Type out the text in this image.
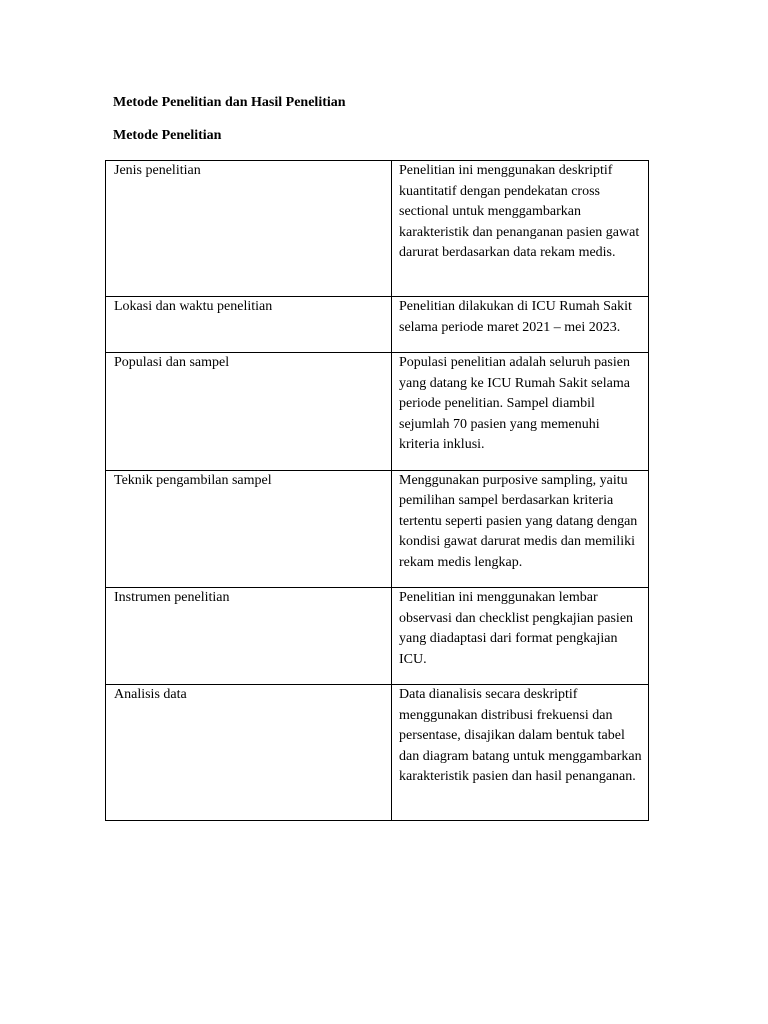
Metode Penelitian dan Hasil Penelitian
Metode Penelitian
Jenis penelitian	Penelitian ini menggunakan deskriptif kuantitatif dengan pendekatan cross sectional untuk menggambarkan karakteristik dan penanganan pasien gawat darurat berdasarkan data rekam medis.
Lokasi dan waktu penelitian	Penelitian dilakukan di ICU Rumah Sakit selama periode maret 2021 – mei 2023.
Populasi dan sampel	Populasi penelitian adalah seluruh pasien yang datang ke ICU Rumah Sakit selama periode penelitian. Sampel diambil sejumlah 70 pasien yang memenuhi kriteria inklusi.
Teknik pengambilan sampel	Menggunakan purposive sampling, yaitu pemilihan sampel berdasarkan kriteria tertentu seperti pasien yang datang dengan kondisi gawat darurat medis dan memiliki rekam medis lengkap.
Instrumen penelitian	Penelitian ini menggunakan lembar observasi dan checklist pengkajian pasien yang diadaptasi dari format pengkajian ICU.
Analisis data	Data dianalisis secara deskriptif menggunakan distribusi frekuensi dan persentase, disajikan dalam bentuk tabel dan diagram batang untuk menggambarkan karakteristik pasien dan hasil penanganan.
